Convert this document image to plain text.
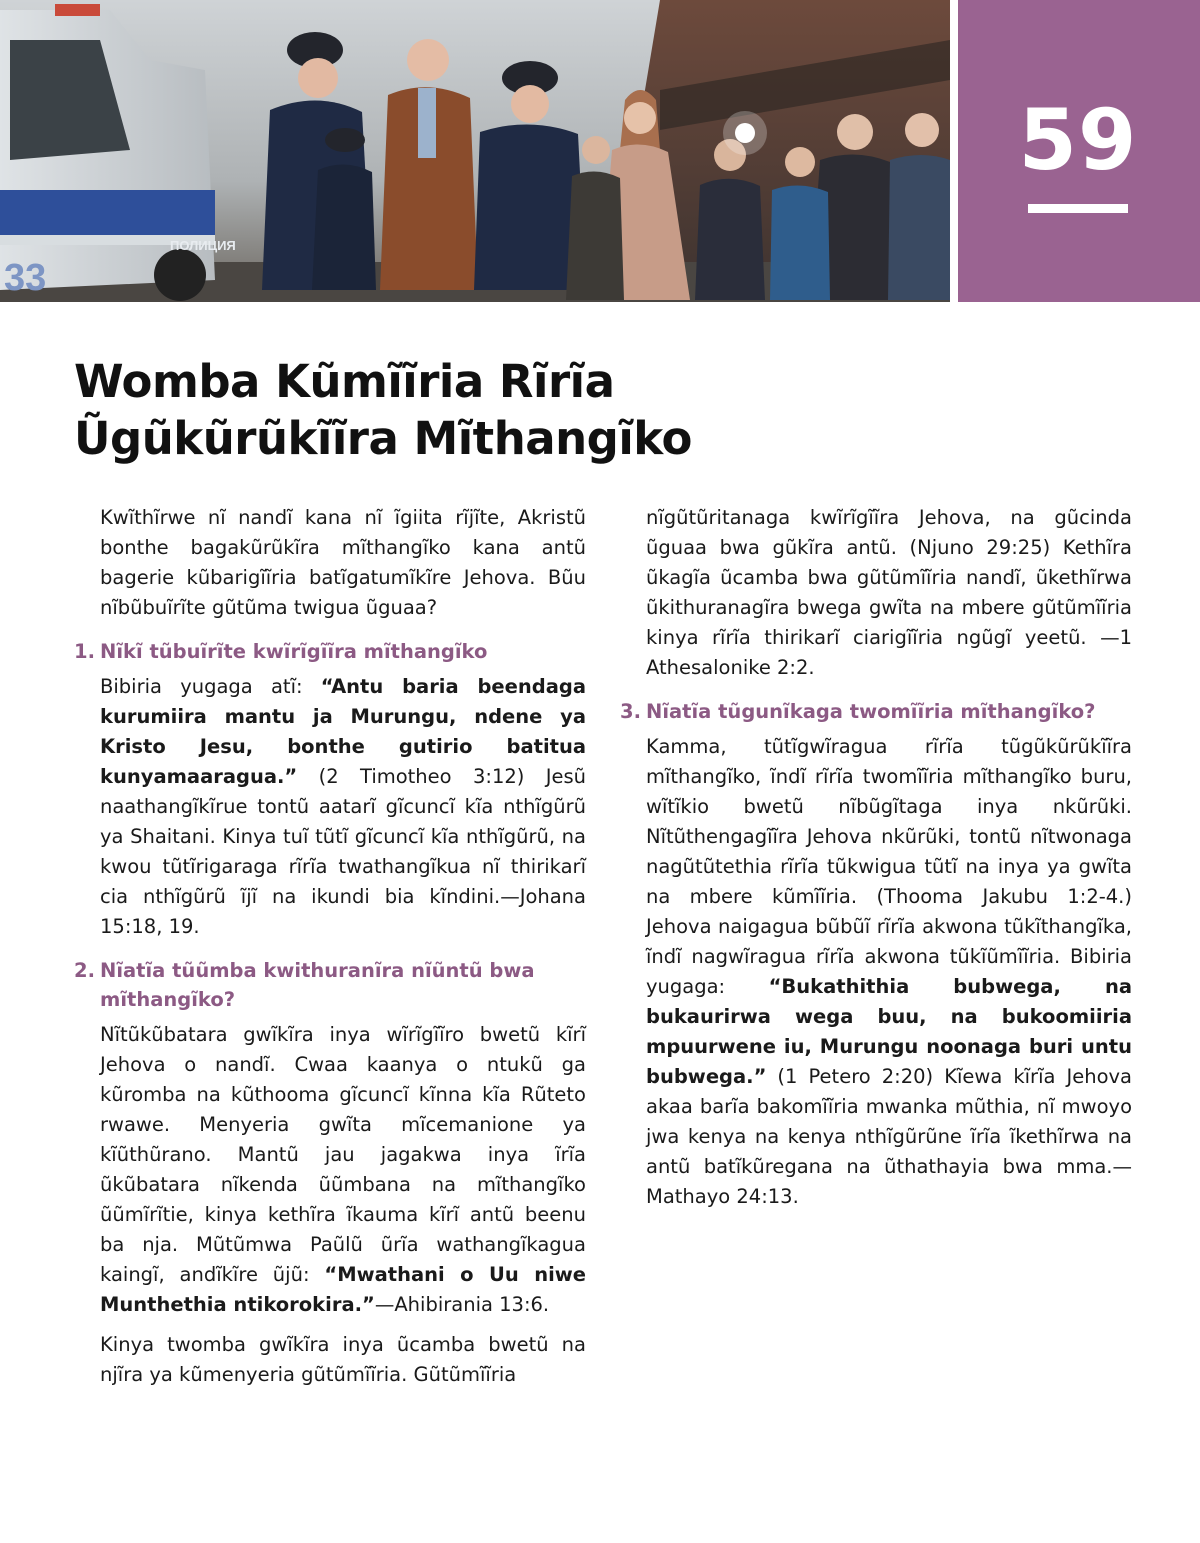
ПОЛИЦИЯ
33
59
Womba Kũmĩĩria Rĩrĩa
Ũgũkũrũkĩĩra Mĩthangĩko

Kwĩthĩrwe nĩ nandĩ kana nĩ ĩgiita rĩjĩte, Akristũ bonthe bagakũrũkĩra mĩthangĩko kana antũ bagerie kũbarigĩĩria batĩgatumĩkĩre Jehova. Bũu nĩbũbuĩrĩte gũtũma twigua ũguaa?

1. Nĩkĩ tũbuĩrĩte kwĩrĩgĩĩra mĩthangĩko

Bibiria yugaga atĩ: “Antu baria beendaga kurumiira mantu ja Murungu, ndene ya Kristo Jesu, bonthe gutirio batitua kunyamaaragua.” (2 Timotheo 3:12) Jesũ naathangĩkĩrue tontũ aatarĩ gĩcuncĩ kĩa nthĩgũrũ ya Shaitani. Kinya tuĩ tũtĩ gĩcuncĩ kĩa nthĩgũrũ, na kwou tũtĩrigaraga rĩrĩa twathangĩkua nĩ thirikarĩ cia nthĩgũrũ ĩjĩ na ikundi bia kĩndini.—Johana 15:18, 19.

2. Nĩatĩa tũũmba kwithuranĩra nĩũntũ bwa mĩthangĩko?

Nĩtũkũbatara gwĩkĩra inya wĩrĩgĩĩro bwetũ kĩrĩ Jehova o nandĩ. Cwaa kaanya o ntukũ ga kũromba na kũthooma gĩcuncĩ kĩnna kĩa Rũteto rwawe. Menyeria gwĩta mĩcemanione ya kĩũthũrano. Mantũ jau jagakwa inya ĩrĩa ũkũbatara nĩkenda ũũmbana na mĩthangĩko ũũmĩrĩtie, kinya kethĩra ĩkauma kĩrĩ antũ beenu ba nja. Mũtũmwa Paũlũ ũrĩa wathangĩkagua kaingĩ, andĩkĩre ũjũ: “Mwathani o Uu niwe Munthethia ntikorokira.”—Ahibirania 13:6.

Kinya twomba gwĩkĩra inya ũcamba bwetũ na njĩra ya kũmenyeria gũtũmĩĩria. Gũtũmĩĩria

nĩgũtũritanaga kwĩrĩgĩĩra Jehova, na gũcinda ũguaa bwa gũkĩra antũ. (Njuno 29:25) Kethĩra ũkagĩa ũcamba bwa gũtũmĩĩria nandĩ, ũkethĩrwa ũkithuranagĩra bwega gwĩta na mbere gũtũmĩĩria kinya rĩrĩa thirikarĩ ciarigĩĩria ngũgĩ yeetũ. —1 Athesalonike 2:2.

3. Nĩatĩa tũgunĩkaga twomĩĩria mĩthangĩko?

Kamma, tũtĩgwĩragua rĩrĩa tũgũkũrũkĩĩra mĩthangĩko, ĩndĩ rĩrĩa twomĩĩria mĩthangĩko buru, wĩtĩkio bwetũ nĩbũgĩtaga inya nkũrũki. Nĩtũthengagĩĩra Jehova nkũrũki, tontũ nĩtwonaga nagũtũtethia rĩrĩa tũkwigua tũtĩ na inya ya gwĩta na mbere kũmĩĩria. (Thooma Jakubu 1:2-4.) Jehova naigagua bũbũĩ rĩrĩa akwona tũkĩthangĩka, ĩndĩ nagwĩragua rĩrĩa akwona tũkĩũmĩĩria. Bibiria yugaga: “Bukathithia bubwega, na bukaurirwa wega buu, na bukoomiiria mpuurwene iu, Murungu noonaga buri untu bubwega.” (1 Petero 2:20) Kĩewa kĩrĩa Jehova akaa barĩa bakomĩĩria mwanka mũthia, nĩ mwoyo jwa kenya na kenya nthĩgũrũne ĩrĩa ĩkethĩrwa na antũ batĩkũregana na ũthathayia bwa mma.—Mathayo 24:13.
